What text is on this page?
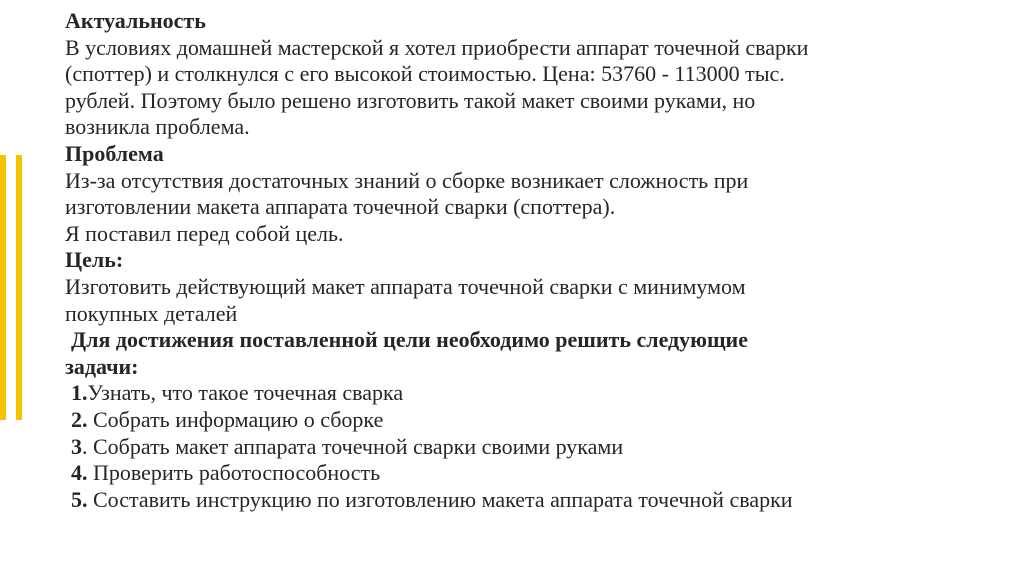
Актуальность

В условиях домашней мастерской я хотел приобрести аппарат точечной сварки

(споттер) и столкнулся с его высокой стоимостью. Цена: 53760 - 113000 тыс.

рублей. Поэтому было решено изготовить такой макет своими руками, но

возникла проблема.

Проблема

Из-за отсутствия достаточных знаний о сборке возникает сложность при

изготовлении макета аппарата точечной сварки (споттера).

Я поставил перед собой цель.

Цель:

Изготовить действующий макет аппарата точечной сварки с минимумом

покупных деталей

Для достижения поставленной цели необходимо решить следующие

задачи:

1.Узнать, что такое точечная сварка

2. Собрать информацию о сборке

3. Собрать макет аппарата точечной сварки своими руками

4. Проверить работоспособность

5. Составить инструкцию по изготовлению макета аппарата точечной сварки
